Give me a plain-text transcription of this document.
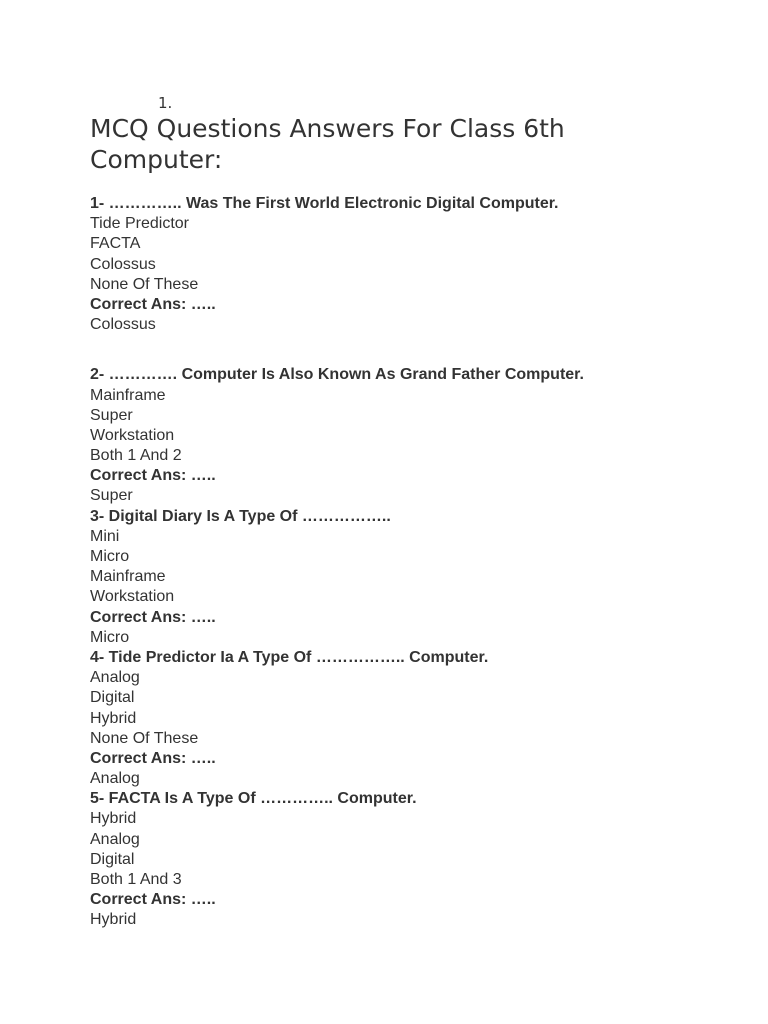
1.
MCQ Questions Answers For Class 6th Computer:
1- ………….. Was The First World Electronic Digital Computer.
Tide Predictor
FACTA
Colossus
None Of These
Correct Ans: …..
Colossus
2- …………. Computer Is Also Known As Grand Father Computer.
Mainframe
Super
Workstation
Both 1 And 2
Correct Ans: …..
Super
3- Digital Diary Is A Type Of ……………..
Mini
Micro
Mainframe
Workstation
Correct Ans: …..
Micro
4- Tide Predictor Ia A Type Of …………….. Computer.
Analog
Digital
Hybrid
None Of These
Correct Ans: …..
Analog
5- FACTA Is A Type Of ………….. Computer.
Hybrid
Analog
Digital
Both 1 And 3
Correct Ans: …..
Hybrid
